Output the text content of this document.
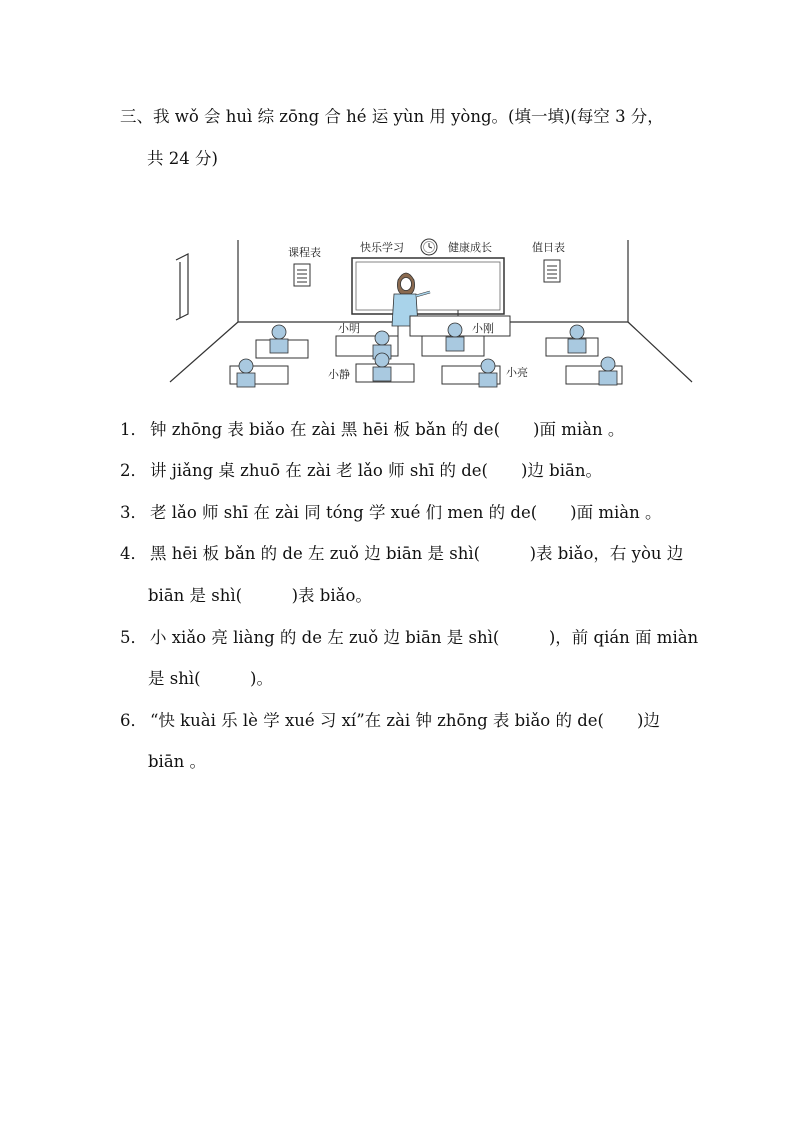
三、我 wǒ 会 huì 综 zōng 合 hé 运 yùn 用 yòng。(填一填)(每空 3 分，
共 24 分)
课程表	快乐学习	健康成长	值日表
小明	小刚
小静	小亮
1． 钟 zhōng 表 biǎo 在 zài 黑 hēi 板 bǎn 的 de(　　)面 miàn 。
2． 讲 jiǎng 桌 zhuō 在 zài 老 lǎo 师 shī 的 de(　　)边 biān。
3． 老 lǎo 师 shī 在 zài 同 tóng 学 xué 们 men 的 de(　　)面 miàn 。
4． 黑 hēi 板 bǎn 的 de 左 zuǒ 边 biān 是 shì(　　　)表 biǎo，右 yòu 边
biān 是 shì(　　　)表 biǎo。
5． 小 xiǎo 亮 liàng 的 de 左 zuǒ 边 biān 是 shì(　　　)，前 qián 面 miàn
是 shì(　　　)。
6． “快 kuài 乐 lè 学 xué 习 xí”在 zài 钟 zhōng 表 biǎo 的 de(　　)边
biān 。
